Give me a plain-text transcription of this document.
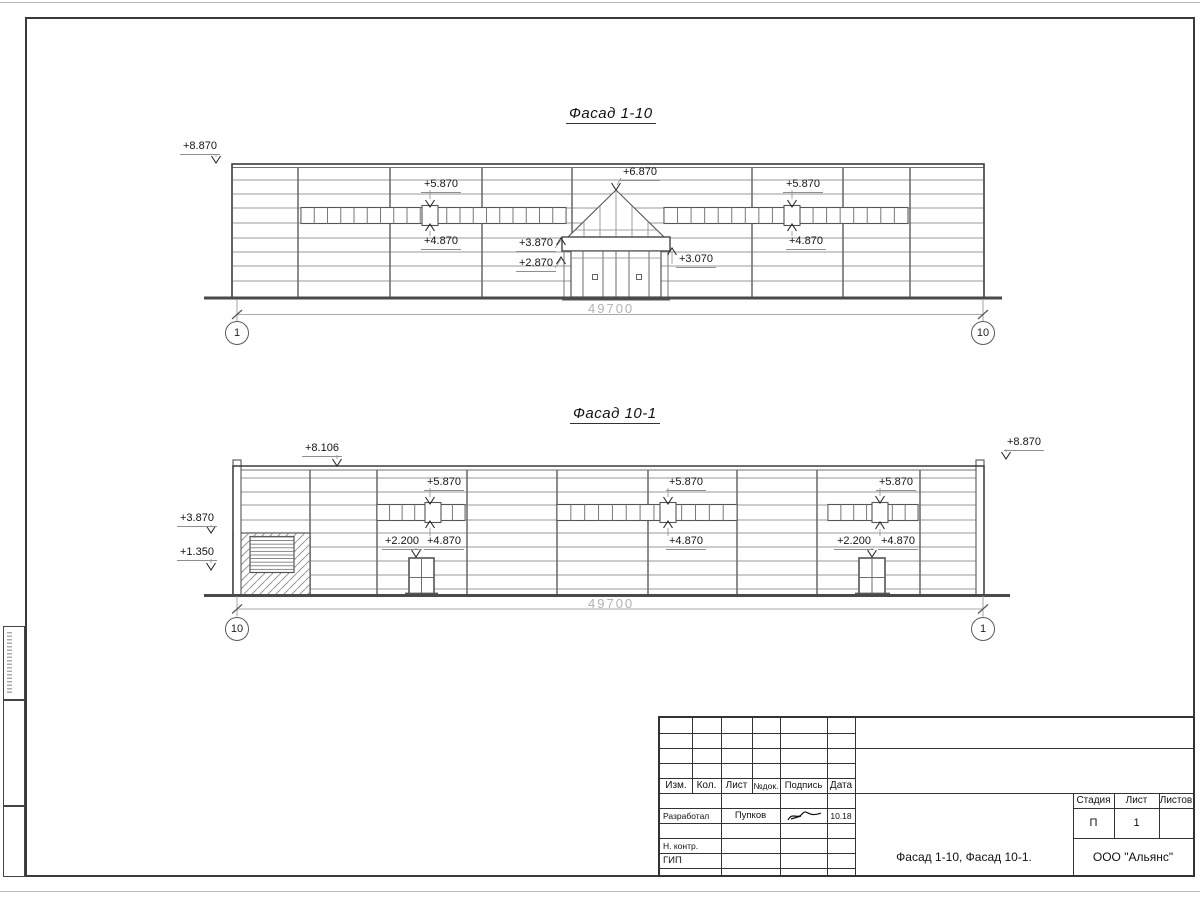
Фасад 1-10
Фасад 10-1
+8.870
+5.870
+4.870
+6.870
+3.870
+2.870	+3.070
+5.870
+4.870
+8.106	+8.870
+3.870
+1.350
+5.870
+2.200 +4.870
+5.870
+4.870
+5.870
+2.200 +4.870
49700
49700
1	10
10	1
Изм. Кол. Лист №док. Подпись Дата
Разработал	Пупков	10.18
Н. контр.
ГИП
Стадия	Лист	Листов
П	1
Фасад 1-10, Фасад 10-1.	ООО "Альянс"
